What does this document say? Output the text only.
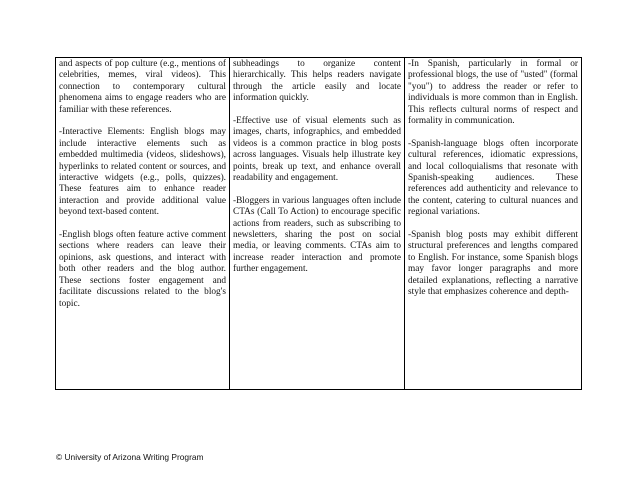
and aspects of pop culture (e.g., mentions of celebrities, memes, viral videos). This connection to contemporary cultural phenomena aims to engage readers who are familiar with these references.

-Interactive Elements: English blogs may include interactive elements such as embedded multimedia (videos, slideshows), hyperlinks to related content or sources, and interactive widgets (e.g., polls, quizzes). These features aim to enhance reader interaction and provide additional value beyond text-based content.

-English blogs often feature active comment sections where readers can leave their opinions, ask questions, and interact with both other readers and the blog author. These sections foster engagement and facilitate discussions related to the blog's topic.

subheadings to organize content hierarchically. This helps readers navigate through the article easily and locate information quickly.

-Effective use of visual elements such as images, charts, infographics, and embedded videos is a common practice in blog posts across languages. Visuals help illustrate key points, break up text, and enhance overall readability and engagement.

-Bloggers in various languages often include CTAs (Call To Action) to encourage specific actions from readers, such as subscribing to newsletters, sharing the post on social media, or leaving comments. CTAs aim to increase reader interaction and promote further engagement.

-In Spanish, particularly in formal or professional blogs, the use of "usted" (formal "you") to address the reader or refer to individuals is more common than in English. This reflects cultural norms of respect and formality in communication.

-Spanish-language blogs often incorporate cultural references, idiomatic expressions, and local colloquialisms that resonate with Spanish-speaking audiences. These references add authenticity and relevance to the content, catering to cultural nuances and regional variations.

-Spanish blog posts may exhibit different structural preferences and lengths compared to English. For instance, some Spanish blogs may favor longer paragraphs and more detailed explanations, reflecting a narrative style that emphasizes coherence and depth-

© University of Arizona Writing Program
